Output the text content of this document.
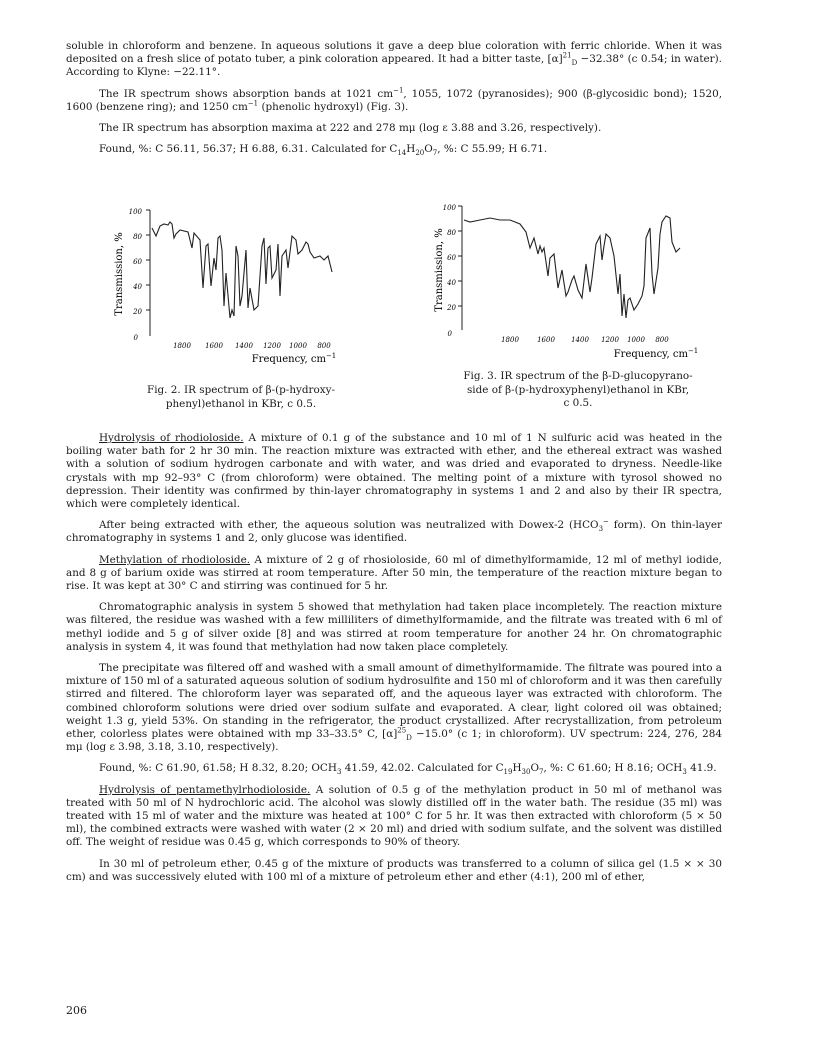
soluble in chloroform and benzene. In aqueous solutions it gave a deep blue coloration with ferric chloride. When it was deposited on a fresh slice of potato tuber, a pink coloration appeared. It had a bitter taste, $[\alpha]^{21}_D -32.38^\circ$ (c 0.54; in water). According to Klyne: −22.11°.

The IR spectrum shows absorption bands at 1021 $cm^{-1}$, 1055, 1072 (pyranosides); 900 (β-glycosidic bond); 1520, 1600 (benzene ring); and 1250 $cm^{-1}$ (phenolic hydroxyl) (Fig. 3).

The IR spectrum has absorption maxima at 222 and 278 mμ (log ε 3.88 and 3.26, respectively).

Found, %: C 56.11, 56.37; H 6.88, 6.31. Calculated for $C_{14}H_{20}O_7$, %: C 55.99; H 6.71.

100
80
60
40
20
0
Transmission, %
1800 1600 1400 1200 1000 800
Frequency, $cm^{-1}$
Fig. 2. IR spectrum of β-(p-hydroxy-
phenyl)ethanol in KBr, c 0.5.
100
80
60
40
20
0
Transmission, %
1800	1600 1400 1200 1000 800
Frequency, $cm^{-1}$
Fig. 3. IR spectrum of the β-D-glucopyrano-
side of β-(p-hydroxyphenyl)ethanol in KBr,
c 0.5.

Hydrolysis of rhodioloside. A mixture of 0.1 g of the substance and 10 ml of 1 N sulfuric acid was heated in the boiling water bath for 2 hr 30 min. The reaction mixture was extracted with ether, and the ethereal extract was washed with a solution of sodium hydrogen carbonate and with water, and was dried and evaporated to dryness. Needle-like crystals with mp 92–93° C (from chloroform) were obtained. The melting point of a mixture with tyrosol showed no depression. Their identity was confirmed by thin-layer chromatography in systems 1 and 2 and also by their IR spectra, which were completely identical.

After being extracted with ether, the aqueous solution was neutralized with Dowex-2 ($HCO_3^-$ form). On thin-layer chromatography in systems 1 and 2, only glucose was identified.

Methylation of rhodioloside. A mixture of 2 g of rhosioloside, 60 ml of dimethylformamide, 12 ml of methyl iodide, and 8 g of barium oxide was stirred at room temperature. After 50 min, the temperature of the reaction mixture began to rise. It was kept at 30° C and stirring was continued for 5 hr.

Chromatographic analysis in system 5 showed that methylation had taken place incompletely. The reaction mixture was filtered, the residue was washed with a few milliliters of dimethylformamide, and the filtrate was treated with 6 ml of methyl iodide and 5 g of silver oxide [8] and was stirred at room temperature for another 24 hr. On chromatographic analysis in system 4, it was found that methylation had now taken place completely.

The precipitate was filtered off and washed with a small amount of dimethylformamide. The filtrate was poured into a mixture of 150 ml of a saturated aqueous solution of sodium hydrosulfite and 150 ml of chloroform and it was then carefully stirred and filtered. The chloroform layer was separated off, and the aqueous layer was extracted with chloroform. The combined chloroform solutions were dried over sodium sulfate and evaporated. A clear, light colored oil was obtained; weight 1.3 g, yield 53%. On standing in the refrigerator, the product crystallized. After recrystallization, from petroleum ether, colorless plates were obtained with mp 33–33.5° C, $[\alpha]^{25}_D -15.0^\circ$ (c 1; in chloroform). UV spectrum: 224, 276, 284 mμ (log ε 3.98, 3.18, 3.10, respectively).

Found, %: C 61.90, 61.58; H 8.32, 8.20; $OCH_3$ 41.59, 42.02. Calculated for $C_{19}H_{30}O_7$, %: C 61.60; H 8.16; $OCH_3$ 41.9.

Hydrolysis of pentamethylrhodioloside. A solution of 0.5 g of the methylation product in 50 ml of methanol was treated with 50 ml of N hydrochloric acid. The alcohol was slowly distilled off in the water bath. The residue (35 ml) was treated with 15 ml of water and the mixture was heated at 100° C for 5 hr. It was then extracted with chloroform (5 × 50 ml), the combined extracts were washed with water (2 × 20 ml) and dried with sodium sulfate, and the solvent was distilled off. The weight of residue was 0.45 g, which corresponds to 90% of theory.

In 30 ml of petroleum ether, 0.45 g of the mixture of products was transferred to a column of silica gel (1.5 × × 30 cm) and was successively eluted with 100 ml of a mixture of petroleum ether and ether (4:1), 200 ml of ether,

206
